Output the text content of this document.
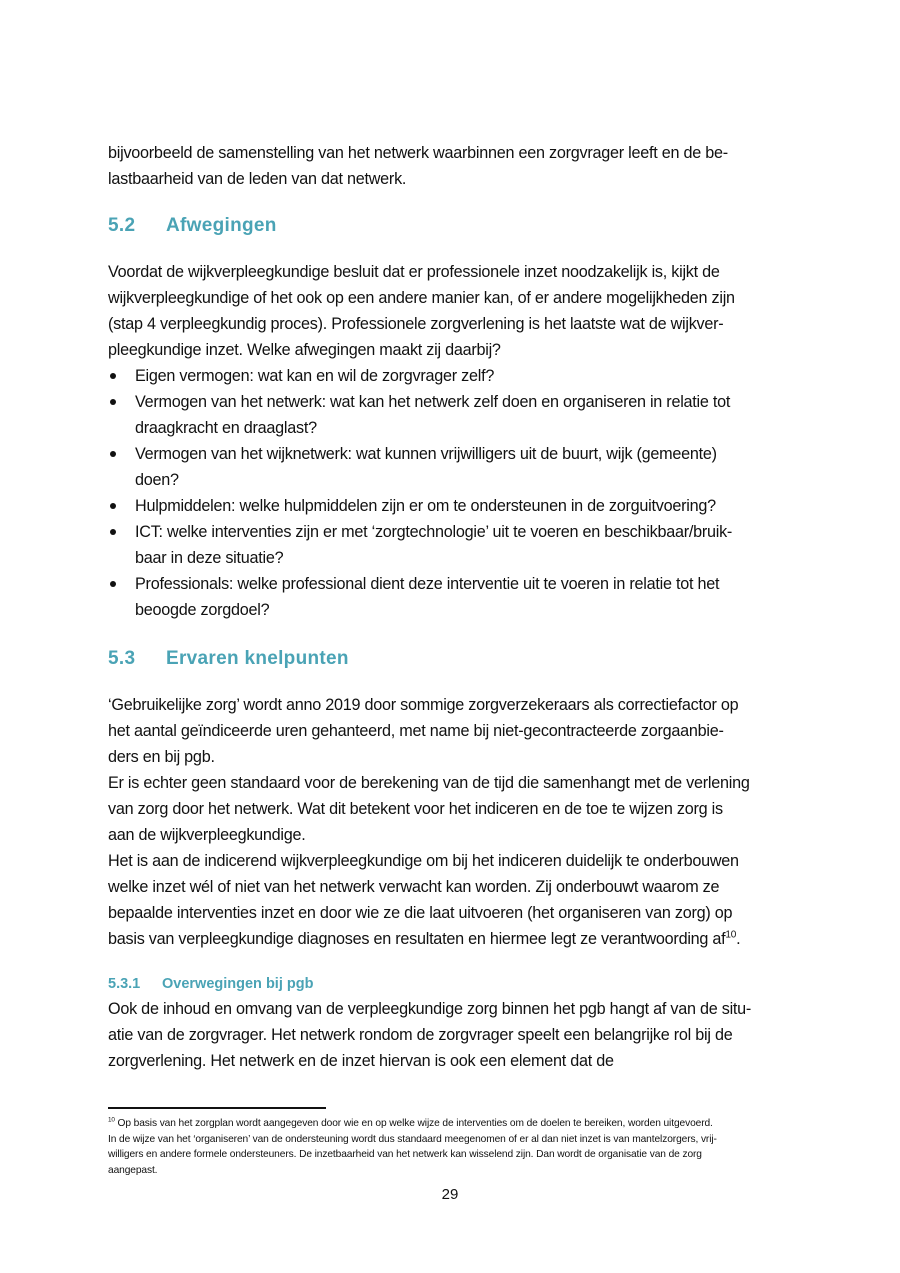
bijvoorbeeld de samenstelling van het netwerk waarbinnen een zorgvrager leeft en de be-

lastbaarheid van de leden van dat netwerk.

5.2 Afwegingen

Voordat de wijkverpleegkundige besluit dat er professionele inzet noodzakelijk is, kijkt de

wijkverpleegkundige of het ook op een andere manier kan, of er andere mogelijkheden zijn

(stap 4 verpleegkundig proces). Professionele zorgverlening is het laatste wat de wijkver-

pleegkundige inzet. Welke afwegingen maakt zij daarbij?

Eigen vermogen: wat kan en wil de zorgvrager zelf?
Vermogen van het netwerk: wat kan het netwerk zelf doen en organiseren in relatie tot
draagkracht en draaglast?
Vermogen van het wijknetwerk: wat kunnen vrijwilligers uit de buurt, wijk (gemeente)
doen?
Hulpmiddelen: welke hulpmiddelen zijn er om te ondersteunen in de zorguitvoering?
ICT: welke interventies zijn er met ‘zorgtechnologie’ uit te voeren en beschikbaar/bruik-
baar in deze situatie?
Professionals: welke professional dient deze interventie uit te voeren in relatie tot het
beoogde zorgdoel?
5.3 Ervaren knelpunten

‘Gebruikelijke zorg’ wordt anno 2019 door sommige zorgverzekeraars als correctiefactor op

het aantal geïndiceerde uren gehanteerd, met name bij niet-gecontracteerde zorgaanbie-

ders en bij pgb.

Er is echter geen standaard voor de berekening van de tijd die samenhangt met de verlening

van zorg door het netwerk. Wat dit betekent voor het indiceren en de toe te wijzen zorg is

aan de wijkverpleegkundige.

Het is aan de indicerend wijkverpleegkundige om bij het indiceren duidelijk te onderbouwen

welke inzet wél of niet van het netwerk verwacht kan worden. Zij onderbouwt waarom ze

bepaalde interventies inzet en door wie ze die laat uitvoeren (het organiseren van zorg) op

basis van verpleegkundige diagnoses en resultaten en hiermee legt ze verantwoording $af^{10}$.

5.3.1 Overwegingen bij pgb

Ook de inhoud en omvang van de verpleegkundige zorg binnen het pgb hangt af van de situ-

atie van de zorgvrager. Het netwerk rondom de zorgvrager speelt een belangrijke rol bij de

zorgverlening. Het netwerk en de inzet hiervan is ook een element dat de

$^{10}$ Op basis van het zorgplan wordt aangegeven door wie en op welke wijze de interventies om de doelen te bereiken, worden uitgevoerd.
In de wijze van het ‘organiseren’ van de ondersteuning wordt dus standaard meegenomen of er al dan niet inzet is van mantelzorgers, vrij-
willigers en andere formele ondersteuners. De inzetbaarheid van het netwerk kan wisselend zijn. Dan wordt de organisatie van de zorg
aangepast.
29
